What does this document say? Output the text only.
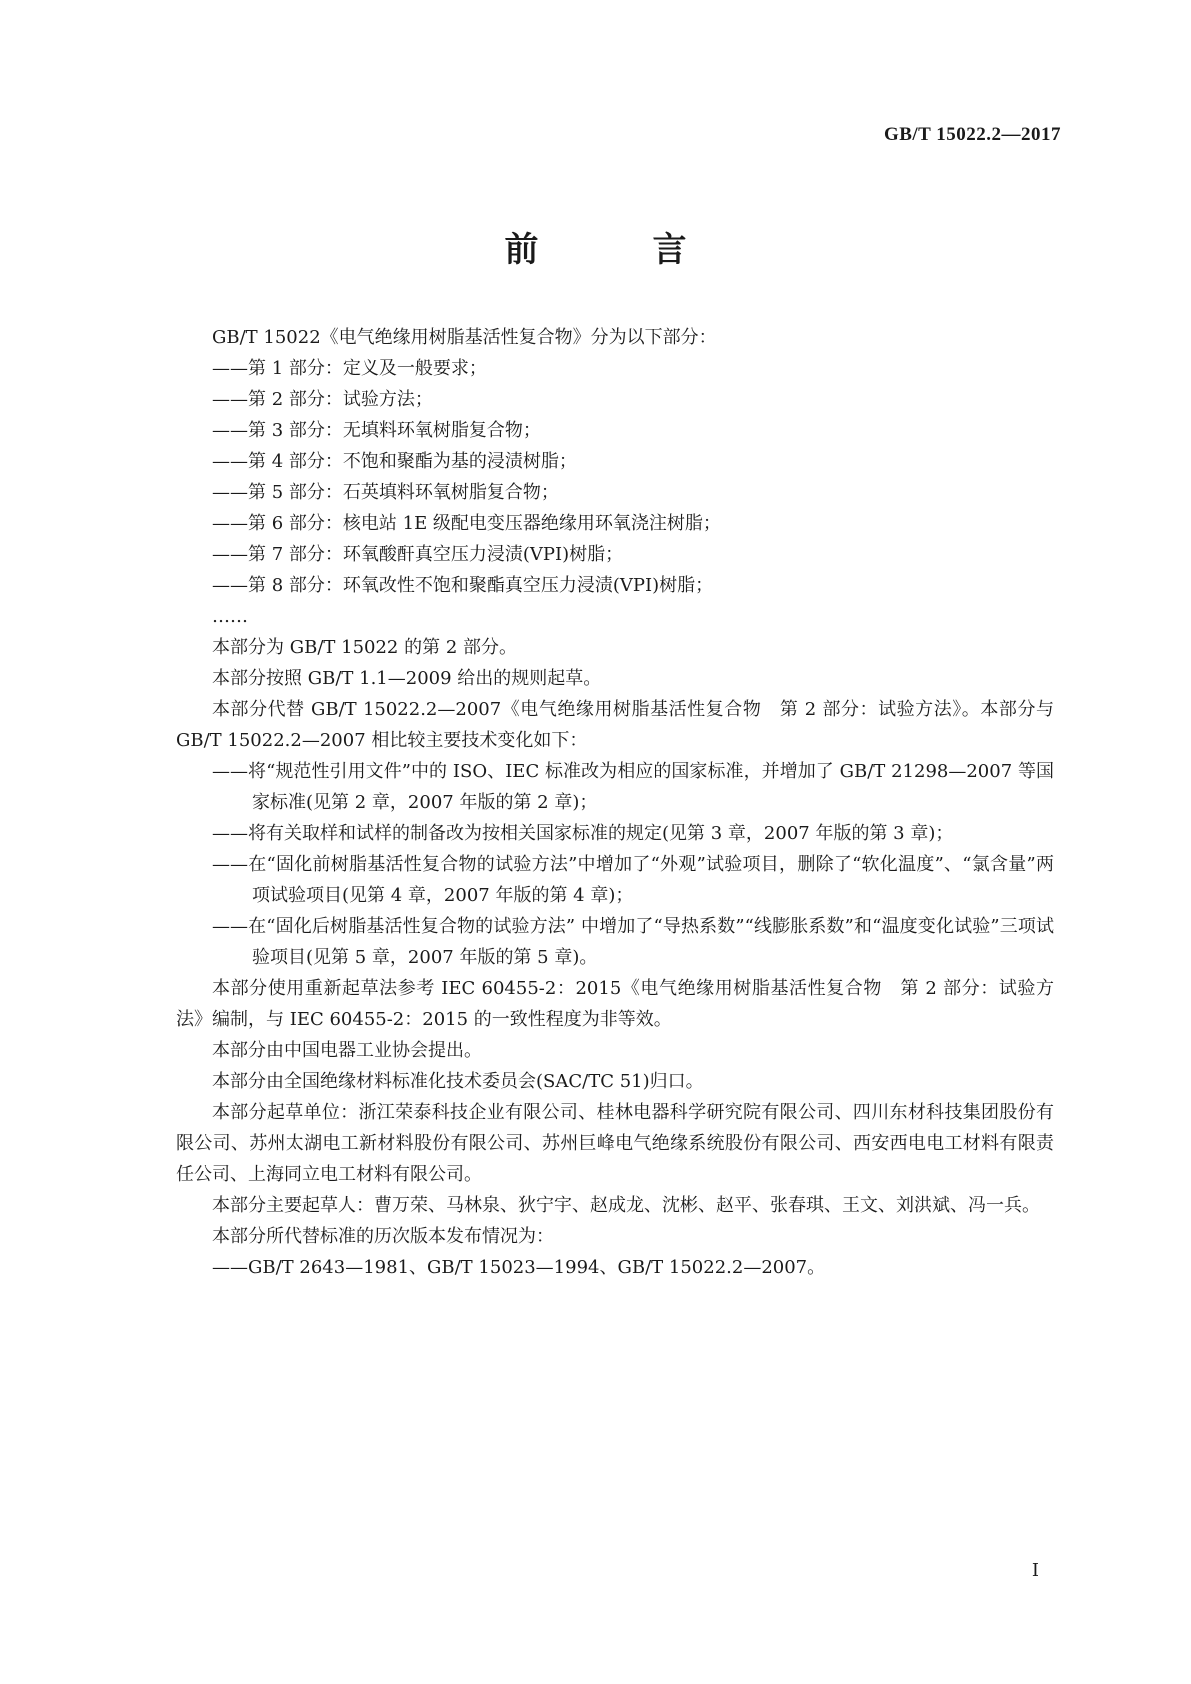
GB/T 15022.2—2017
前　言
GB/T 15022《电气绝缘用树脂基活性复合物》分为以下部分：
——第 1 部分：定义及一般要求；
——第 2 部分：试验方法；
——第 3 部分：无填料环氧树脂复合物；
——第 4 部分：不饱和聚酯为基的浸渍树脂；
——第 5 部分：石英填料环氧树脂复合物；
——第 6 部分：核电站 1E 级配电变压器绝缘用环氧浇注树脂；
——第 7 部分：环氧酸酐真空压力浸渍(VPI)树脂；
——第 8 部分：环氧改性不饱和聚酯真空压力浸渍(VPI)树脂；
……
本部分为 GB/T 15022 的第 2 部分。
本部分按照 GB/T 1.1—2009 给出的规则起草。
本部分代替 GB/T 15022.2—2007《电气绝缘用树脂基活性复合物　第 2 部分：试验方法》。本部分与 GB/T 15022.2—2007 相比较主要技术变化如下：
——将“规范性引用文件”中的 ISO、IEC 标准改为相应的国家标准，并增加了 GB/T 21298—2007 等国家标准(见第 2 章，2007 年版的第 2 章)；
——将有关取样和试样的制备改为按相关国家标准的规定(见第 3 章，2007 年版的第 3 章)；
——在“固化前树脂基活性复合物的试验方法”中增加了“外观”试验项目，删除了“软化温度”、“氯含量”两项试验项目(见第 4 章，2007 年版的第 4 章)；
——在“固化后树脂基活性复合物的试验方法” 中增加了“导热系数”“线膨胀系数”和“温度变化试验”三项试验项目(见第 5 章，2007 年版的第 5 章)。
本部分使用重新起草法参考 IEC 60455-2：2015《电气绝缘用树脂基活性复合物　第 2 部分：试验方法》编制，与 IEC 60455-2：2015 的一致性程度为非等效。
本部分由中国电器工业协会提出。
本部分由全国绝缘材料标准化技术委员会(SAC/TC 51)归口。
本部分起草单位：浙江荣泰科技企业有限公司、桂林电器科学研究院有限公司、四川东材科技集团股份有限公司、苏州太湖电工新材料股份有限公司、苏州巨峰电气绝缘系统股份有限公司、西安西电电工材料有限责任公司、上海同立电工材料有限公司。
本部分主要起草人：曹万荣、马林泉、狄宁宇、赵成龙、沈彬、赵平、张春琪、王文、刘洪斌、冯一兵。
本部分所代替标准的历次版本发布情况为：
——GB/T 2643—1981、GB/T 15023—1994、GB/T 15022.2—2007。
I
